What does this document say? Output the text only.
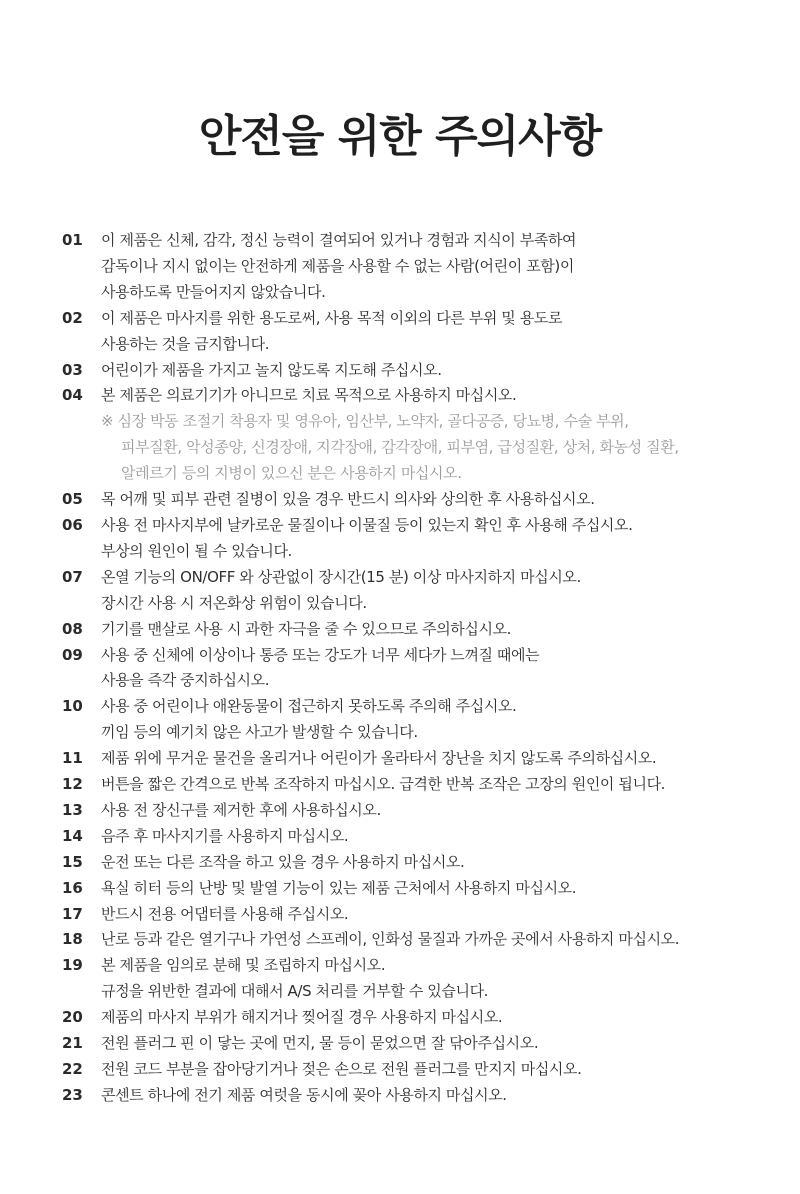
안전을 위한 주의사항
01	이 제품은 신체, 감각, 정신 능력이 결여되어 있거나 경험과 지식이 부족하여
감독이나 지시 없이는 안전하게 제품을 사용할 수 없는 사람(어린이 포함)이
사용하도록 만들어지지 않았습니다.
02	이 제품은 마사지를 위한 용도로써, 사용 목적 이외의 다른 부위 및 용도로
사용하는 것을 금지합니다.
03	어린이가 제품을 가지고 놀지 않도록 지도해 주십시오.
04	본 제품은 의료기기가 아니므로 치료 목적으로 사용하지 마십시오.
※ 심장 박동 조절기 착용자 및 영유아, 임산부, 노약자, 골다공증, 당뇨병, 수술 부위,
피부질환, 악성종양, 신경장애, 지각장애, 감각장애, 피부염, 급성질환, 상처, 화농성 질환,
알레르기 등의 지병이 있으신 분은 사용하지 마십시오.
05	목 어깨 및 피부 관련 질병이 있을 경우 반드시 의사와 상의한 후 사용하십시오.
06	사용 전 마사지부에 날카로운 물질이나 이물질 등이 있는지 확인 후 사용해 주십시오.
부상의 원인이 될 수 있습니다.
07	온열 기능의 ON/OFF 와 상관없이 장시간(15 분) 이상 마사지하지 마십시오.
장시간 사용 시 저온화상 위험이 있습니다.
08	기기를 맨살로 사용 시 과한 자극을 줄 수 있으므로 주의하십시오.
09	사용 중 신체에 이상이나 통증 또는 강도가 너무 세다가 느껴질 때에는
사용을 즉각 중지하십시오.
10	사용 중 어린이나 애완동물이 접근하지 못하도록 주의해 주십시오.
끼임 등의 예기치 않은 사고가 발생할 수 있습니다.
11	제품 위에 무거운 물건을 올리거나 어린이가 올라타서 장난을 치지 않도록 주의하십시오.
12	버튼을 짧은 간격으로 반복 조작하지 마십시오. 급격한 반복 조작은 고장의 원인이 됩니다.
13	사용 전 장신구를 제거한 후에 사용하십시오.
14	음주 후 마사지기를 사용하지 마십시오.
15	운전 또는 다른 조작을 하고 있을 경우 사용하지 마십시오.
16	욕실 히터 등의 난방 및 발열 기능이 있는 제품 근처에서 사용하지 마십시오.
17	반드시 전용 어댑터를 사용해 주십시오.
18	난로 등과 같은 열기구나 가연성 스프레이, 인화성 물질과 가까운 곳에서 사용하지 마십시오.
19	본 제품을 임의로 분해 및 조립하지 마십시오.
규정을 위반한 결과에 대해서 A/S 처리를 거부할 수 있습니다.
20	제품의 마사지 부위가 해지거나 찢어질 경우 사용하지 마십시오.
21	전원 플러그 핀 이 닿는 곳에 먼지, 물 등이 묻었으면 잘 닦아주십시오.
22	전원 코드 부분을 잡아당기거나 젖은 손으로 전원 플러그를 만지지 마십시오.
23	콘센트 하나에 전기 제품 여럿을 동시에 꽂아 사용하지 마십시오.
